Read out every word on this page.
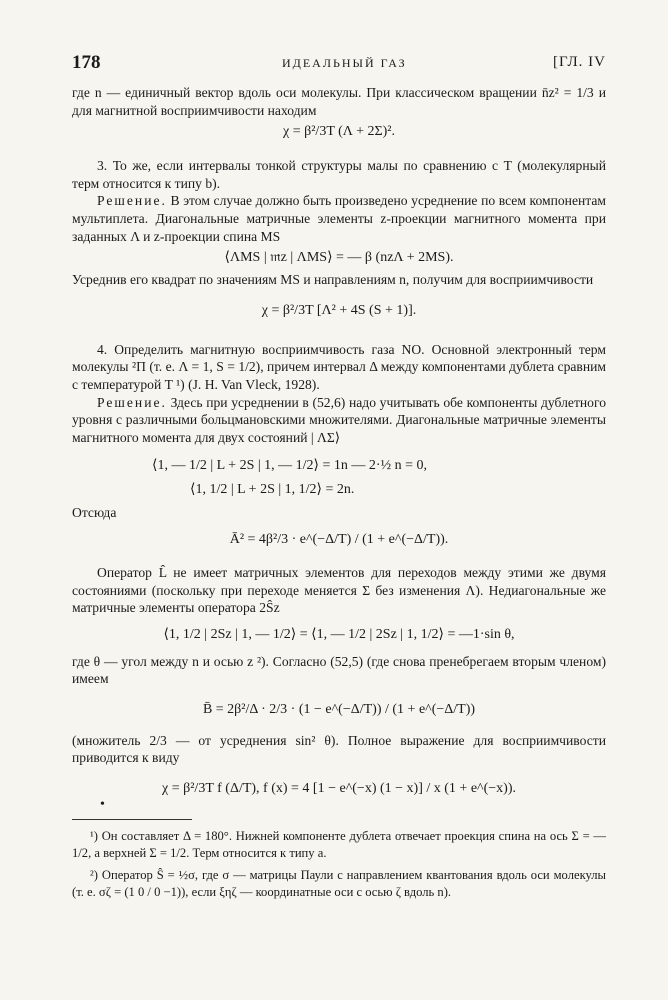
178	ИДЕАЛЬНЫЙ ГАЗ	[ГЛ. IV

где n — единичный вектор вдоль оси молекулы. При классическом вращении n̄z² = 1/3 и для магнитной восприимчивости находим

χ = β²/3T (Λ + 2Σ)².

3. То же, если интервалы тонкой структуры малы по сравнению с T (молекулярный терм относится к типу b).

Решение. В этом случае должно быть произведено усреднение по всем компонентам мультиплета. Диагональные матричные элементы z-проекции магнитного момента при заданных Λ и z-проекции спина MS

⟨ΛMS | 𝔪z | ΛMS⟩ = — β (nzΛ + 2MS).

Усреднив его квадрат по значениям MS и направлениям n, получим для восприимчивости

χ = β²/3T [Λ² + 4S (S + 1)].

4. Определить магнитную восприимчивость газа NO. Основной электронный терм молекулы ²Π (т. е. Λ = 1, S = 1/2), причем интервал Δ между компонентами дублета сравним с температурой T ¹) (J. H. Van Vleck, 1928).

Решение. Здесь при усреднении в (52,6) надо учитывать обе компоненты дублетного уровня с различными больцмановскими множителями. Диагональные матричные элементы магнитного момента для двух состояний | ΛΣ⟩

⟨1, — 1/2 | L + 2S | 1, — 1/2⟩ = 1n — 2·½ n = 0,
⟨1, 1/2 | L + 2S | 1, 1/2⟩ = 2n.

Отсюда

Ā² = 4β²/3 · e^(−Δ/T) / (1 + e^(−Δ/T)).

Оператор L̂ не имеет матричных элементов для переходов между этими же двумя состояниями (поскольку при переходе меняется Σ без изменения Λ). Недиагональные же матричные элементы оператора 2Ŝz

⟨1, 1/2 | 2Sz | 1, — 1/2⟩ = ⟨1, — 1/2 | 2Sz | 1, 1/2⟩ = —1·sin θ,

где θ — угол между n и осью z ²). Согласно (52,5) (где снова пренебрегаем вторым членом) имеем

B̄ = 2β²/Δ · 2/3 · (1 − e^(−Δ/T)) / (1 + e^(−Δ/T))

(множитель 2/3 — от усреднения sin² θ). Полное выражение для восприимчивости приводится к виду

χ = β²/3T f (Δ/T), f (x) = 4 [1 − e^(−x) (1 − x)] / x (1 + e^(−x)).

¹) Он составляет Δ = 180°. Нижней компоненте дублета отвечает проекция спина на ось Σ = — 1/2, а верхней Σ = 1/2. Терм относится к типу a.

²) Оператор Ŝ = ½σ, где σ — матрицы Паули с направлением квантования вдоль оси молекулы (т. е. σζ = (1 0 / 0 −1)), если ξηζ — координатные оси с осью ζ вдоль n).

•
